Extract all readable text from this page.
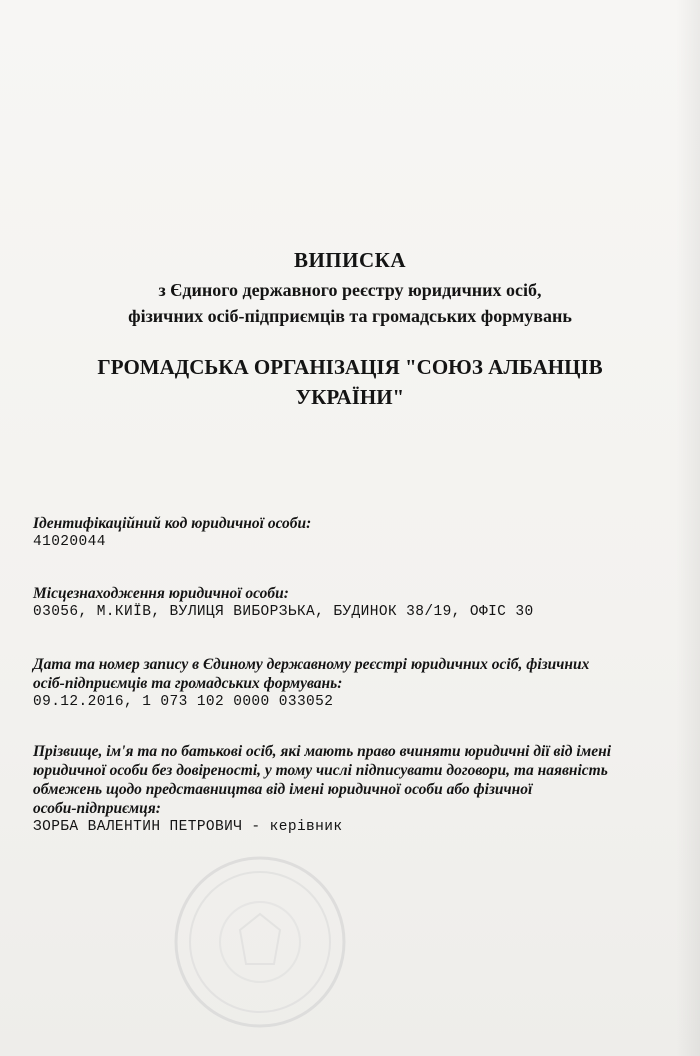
ВИПИСКА
з Єдиного державного реєстру юридичних осіб,
фізичних осіб-підприємців та громадських формувань
ГРОМАДСЬКА ОРГАНІЗАЦІЯ "СОЮЗ АЛБАНЦІВ
УКРАЇНИ"
Ідентифікаційний код юридичної особи:
41020044
Місцезнаходження юридичної особи:
03056, М.КИЇВ, ВУЛИЦЯ ВИБОРЗЬКА, БУДИНОК 38/19, ОФІС 30
Дата та номер запису в Єдиному державному реєстрі юридичних осіб, фізичних
осіб-підприємців та громадських формувань:
09.12.2016, 1 073 102 0000 033052
Прізвище, ім'я та по батькові осіб, які мають право вчиняти юридичні дії від імені
юридичної особи без довіреності, у тому числі підписувати договори, та наявність
обмежень щодо представництва від імені юридичної особи або фізичної
особи-підприємця:
ЗОРБА ВАЛЕНТИН ПЕТРОВИЧ - керівник
